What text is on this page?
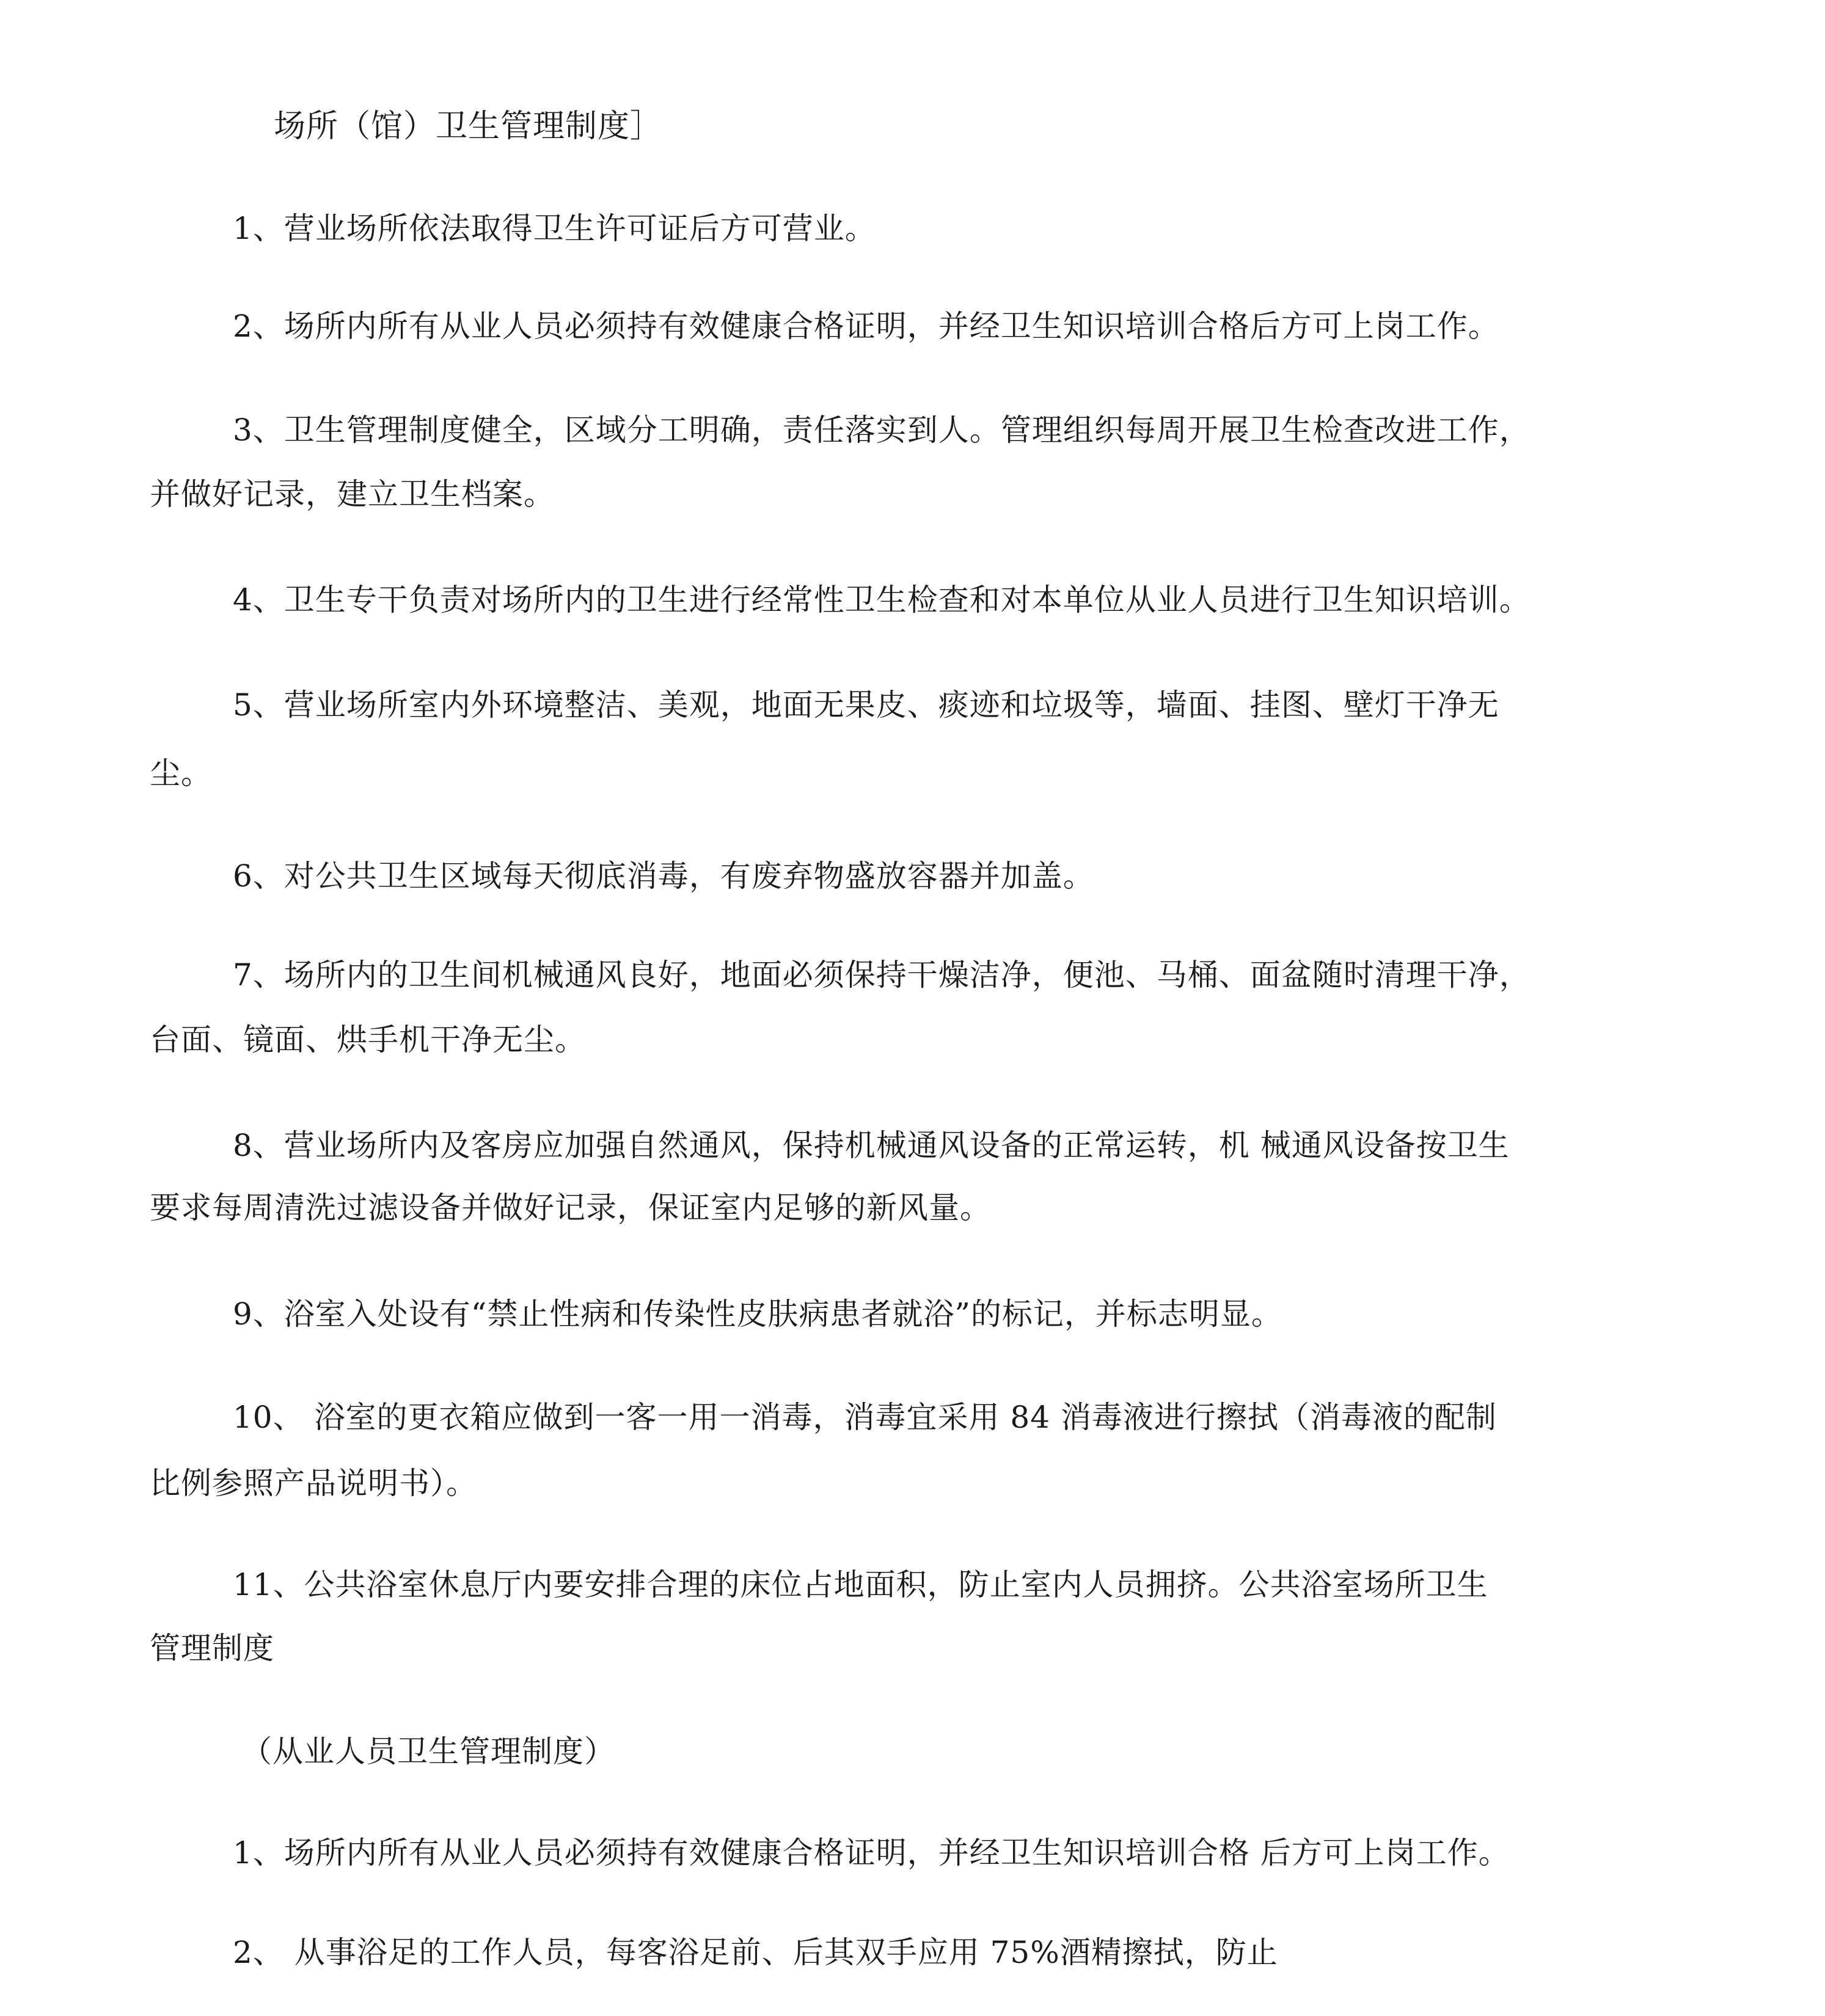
场所（馆）卫生管理制度］
1、营业场所依法取得卫生许可证后方可营业。
2、场所内所有从业人员必须持有效健康合格证明，并经卫生知识培训合格后方可上岗工作。
3、卫生管理制度健全，区域分工明确，责任落实到人。管理组织每周开展卫生检查改进工作，
并做好记录，建立卫生档案。
4、卫生专干负责对场所内的卫生进行经常性卫生检查和对本单位从业人员进行卫生知识培训。
5、营业场所室内外环境整洁、美观，地面无果皮、痰迹和垃圾等，墙面、挂图、壁灯干净无
尘。
6、对公共卫生区域每天彻底消毒，有废弃物盛放容器并加盖。
7、场所内的卫生间机械通风良好，地面必须保持干燥洁净，便池、马桶、面盆随时清理干净，
台面、镜面、烘手机干净无尘。
8、营业场所内及客房应加强自然通风，保持机械通风设备的正常运转，机 械通风设备按卫生
要求每周清洗过滤设备并做好记录，保证室内足够的新风量。
9、浴室入处设有“禁止性病和传染性皮肤病患者就浴”的标记，并标志明显。
10、 浴室的更衣箱应做到一客一用一消毒，消毒宜采用 84 消毒液进行擦拭（消毒液的配制
比例参照产品说明书）。
11、公共浴室休息厅内要安排合理的床位占地面积，防止室内人员拥挤。公共浴室场所卫生
管理制度
（从业人员卫生管理制度）
1、场所内所有从业人员必须持有效健康合格证明，并经卫生知识培训合格 后方可上岗工作。
2、 从事浴足的工作人员，每客浴足前、后其双手应用 75%酒精擦拭，防止
